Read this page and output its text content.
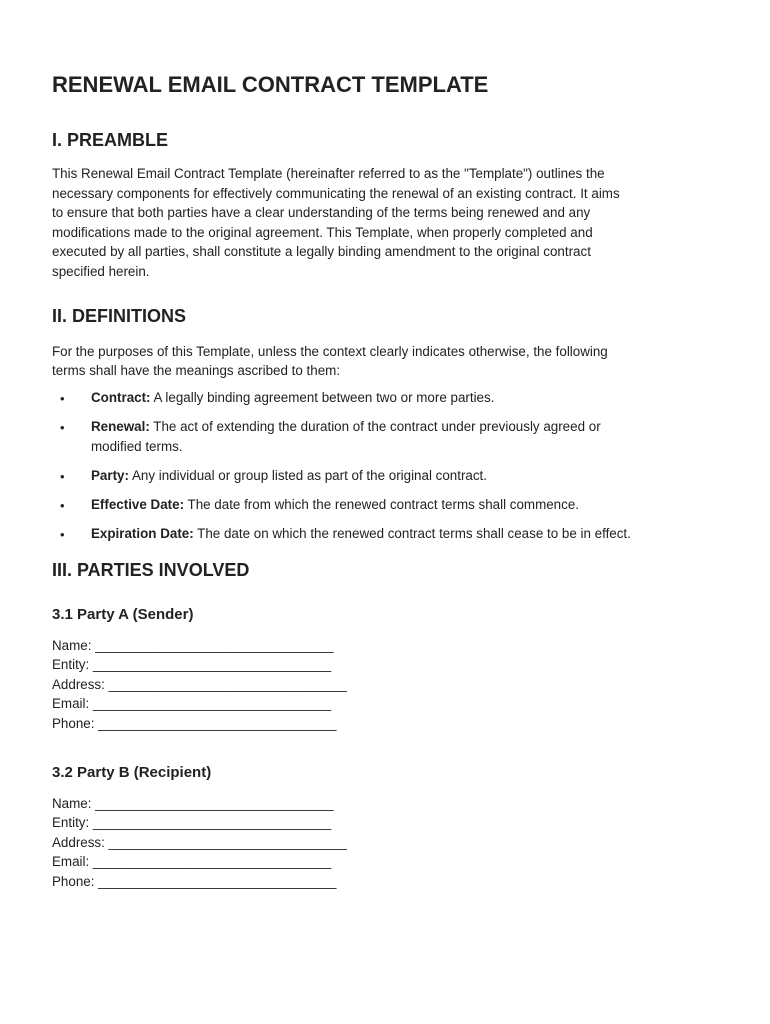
RENEWAL EMAIL CONTRACT TEMPLATE
I. PREAMBLE

This Renewal Email Contract Template (hereinafter referred to as the "Template") outlines the
necessary components for effectively communicating the renewal of an existing contract. It aims
to ensure that both parties have a clear understanding of the terms being renewed and any
modifications made to the original agreement. This Template, when properly completed and
executed by all parties, shall constitute a legally binding amendment to the original contract
specified herein.

II. DEFINITIONS

For the purposes of this Template, unless the context clearly indicates otherwise, the following
terms shall have the meanings ascribed to them:

• Contract: A legally binding agreement between two or more parties.
• Renewal: The act of extending the duration of the contract under previously agreed or
modified terms.
• Party: Any individual or group listed as part of the original contract.
• Effective Date: The date from which the renewed contract terms shall commence.
• Expiration Date: The date on which the renewed contract terms shall cease to be in effect.
III. PARTIES INVOLVED
3.1 Party A (Sender)
Name: ________________________________
Entity: ________________________________
Address: ________________________________
Email: ________________________________
Phone: ________________________________
3.2 Party B (Recipient)
Name: ________________________________
Entity: ________________________________
Address: ________________________________
Email: ________________________________
Phone: ________________________________
